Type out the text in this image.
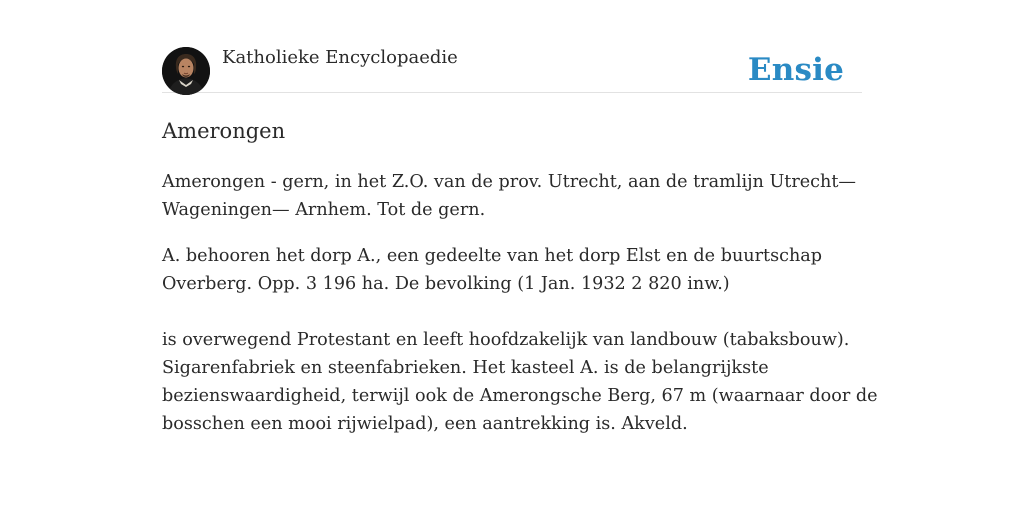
Katholieke Encyclopaedie	Ensie
Amerongen

Amerongen - gern, in het Z.O. van de prov. Utrecht, aan de tramlijn Utrecht—
Wageningen— Arnhem. Tot de gern.

A. behooren het dorp A., een gedeelte van het dorp Elst en de buurtschap
Overberg. Opp. 3 196 ha. De bevolking (1 Jan. 1932 2 820 inw.)

is overwegend Protestant en leeft hoofdzakelijk van landbouw (tabaksbouw).
Sigarenfabriek en steenfabrieken. Het kasteel A. is de belangrijkste
bezienswaardigheid, terwijl ook de Amerongsche Berg, 67 m (waarnaar door de
bosschen een mooi rijwielpad), een aantrekking is. Akveld.
